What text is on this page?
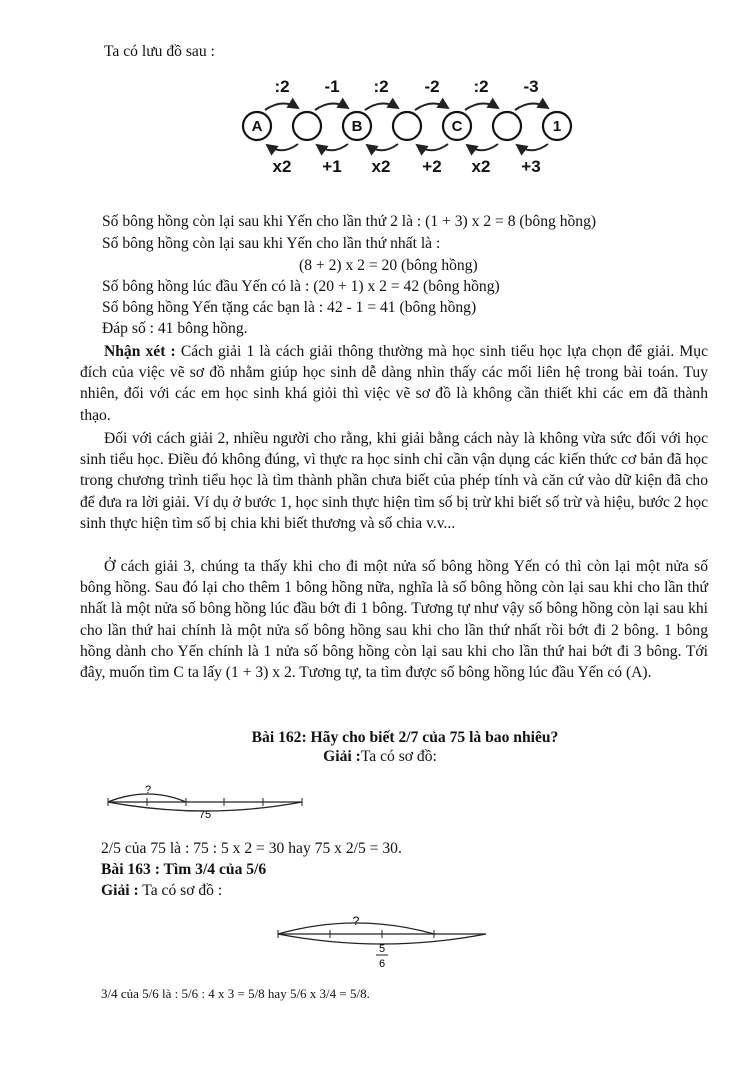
Ta có lưu đồ sau :
:2 -1 :2 -2 :2 -3
A	B	C	1
x2 +1 x2 +2 x2 +3
Số bông hồng còn lại sau khi Yến cho lần thứ 2 là : (1 + 3) x 2 = 8 (bông hồng)
Số bông hồng còn lại sau khi Yến cho lần thứ nhất là :
(8 + 2) x 2 = 20 (bông hồng)
Số bông hồng lúc đầu Yến có là : (20 + 1) x 2 = 42 (bông hồng)
Số bông hồng Yến tặng các bạn là : 42 - 1 = 41 (bông hồng)
Đáp số : 41 bông hồng.

Nhận xét : Cách giải 1 là cách giải thông thường mà học sinh tiểu học lựa chọn để giải. Mục đích của việc vẽ sơ đồ nhằm giúp học sinh dễ dàng nhìn thấy các mối liên hệ trong bài toán. Tuy nhiên, đối với các em học sinh khá giỏi thì việc vẽ sơ đồ là không cần thiết khi các em đã thành thạo.

Đối với cách giải 2, nhiều người cho rằng, khi giải bằng cách này là không vừa sức đối với học sinh tiểu học. Điều đó không đúng, vì thực ra học sinh chỉ cần vận dụng các kiến thức cơ bản đã học trong chương trình tiểu học là tìm thành phần chưa biết của phép tính và căn cứ vào dữ kiện đã cho để đưa ra lời giải. Ví dụ ở bước 1, học sinh thực hiện tìm số bị trừ khi biết số trừ và hiệu, bước 2 học sinh thực hiện tìm số bị chia khi biết thương và số chia v.v...

Ở cách giải 3, chúng ta thấy khi cho đi một nửa số bông hồng Yến có thì còn lại một nửa số bông hồng. Sau đó lại cho thêm 1 bông hồng nữa, nghĩa là số bông hồng còn lại sau khi cho lần thứ nhất là một nửa số bông hồng lúc đầu bớt đi 1 bông. Tương tự như vậy số bông hồng còn lại sau khi cho lần thứ hai chính là một nửa số bông hồng sau khi cho lần thứ nhất rồi bớt đi 2 bông. 1 bông hồng dành cho Yến chính là 1 nửa số bông hồng còn lại sau khi cho lần thứ hai bớt đi 3 bông. Tới đây, muốn tìm C ta lấy (1 + 3) x 2. Tương tự, ta tìm được số bông hồng lúc đầu Yến có (A).

Bài 162: Hãy cho biết 2/7 của 75 là bao nhiêu?
Giải :Ta có sơ đồ:
?
75
2/5 của 75 là : 75 : 5 x 2 = 30 hay 75 x 2/5 = 30.
Bài 163 : Tìm 3/4 của 5/6
Giải : Ta có sơ đồ :
?
5
6
3/4 của 5/6 là : 5/6 : 4 x 3 = 5/8 hay 5/6 x 3/4 = 5/8.
